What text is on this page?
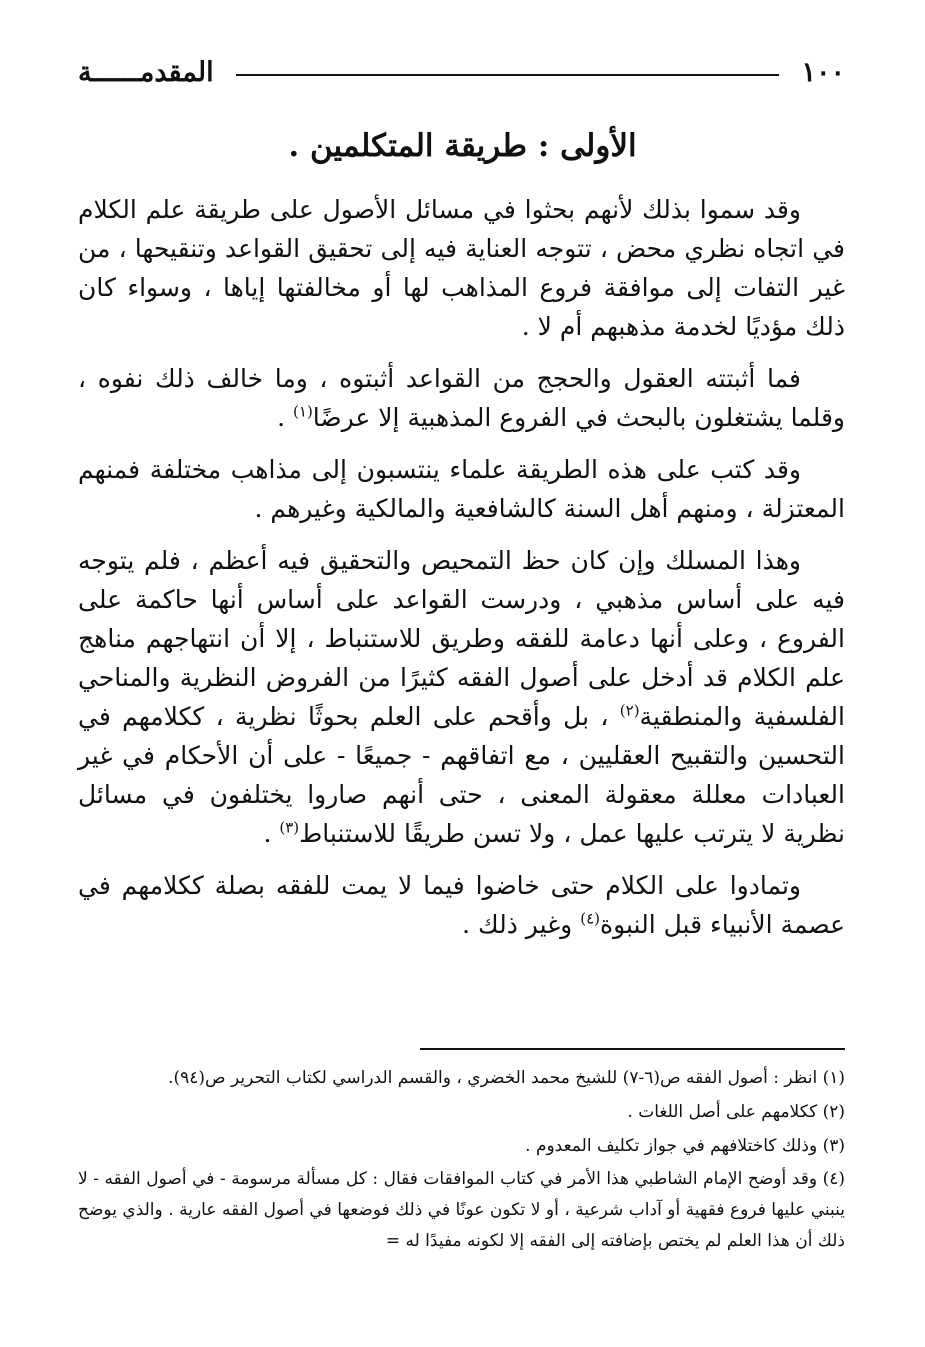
١٠٠
المقدمــــــة
الأولى : طريقة المتكلمين .

وقد سموا بذلك لأنهم بحثوا في مسائل الأصول على طريقة علم الكلام في اتجاه نظري محض ، تتوجه العناية فيه إلى تحقيق القواعد وتنقيحها ، من غير التفات إلى موافقة فروع المذاهب لها أو مخالفتها إياها ، وسواء كان ذلك مؤديًا لخدمة مذهبهم أم لا .

فما أثبتته العقول والحجج من القواعد أثبتوه ، وما خالف ذلك نفوه ، وقلما يشتغلون بالبحث في الفروع المذهبية إلا عرضًا$^{(١)}$ .

وقد كتب على هذه الطريقة علماء ينتسبون إلى مذاهب مختلفة فمنهم المعتزلة ، ومنهم أهل السنة كالشافعية والمالكية وغيرهم .

وهذا المسلك وإن كان حظ التمحيص والتحقيق فيه أعظم ، فلم يتوجه فيه على أساس مذهبي ، ودرست القواعد على أساس أنها حاكمة على الفروع ، وعلى أنها دعامة للفقه وطريق للاستنباط ، إلا أن انتهاجهم مناهج علم الكلام قد أدخل على أصول الفقه كثيرًا من الفروض النظرية والمناحي الفلسفية والمنطقية$^{(٢)}$ ، بل وأقحم على العلم بحوثًا نظرية ، ككلامهم في التحسين والتقبيح العقليين ، مع اتفاقهم - جميعًا - على أن الأحكام في غير العبادات معللة معقولة المعنى ، حتى أنهم صاروا يختلفون في مسائل نظرية لا يترتب عليها عمل ، ولا تسن طريقًا للاستنباط$^{(٣)}$ .

وتمادوا على الكلام حتى خاضوا فيما لا يمت للفقه بصلة ككلامهم في عصمة الأنبياء قبل النبوة$^{(٤)}$ وغير ذلك .

(١) انظر : أصول الفقه ص(٦-٧) للشيخ محمد الخضري ، والقسم الدراسي لكتاب التحرير ص(٩٤).
(٢) ككلامهم على أصل اللغات .
(٣) وذلك كاختلافهم في جواز تكليف المعدوم .
(٤) وقد أوضح الإمام الشاطبي هذا الأمر في كتاب الموافقات فقال : كل مسألة مرسومة - في أصول الفقه - لا ينبني عليها فروع فقهية أو آداب شرعية ، أو لا تكون عونًا في ذلك فوضعها في أصول الفقه عارية . والذي يوضح ذلك أن هذا العلم لم يختص بإضافته إلى الفقه إلا لكونه مفيدًا له =
